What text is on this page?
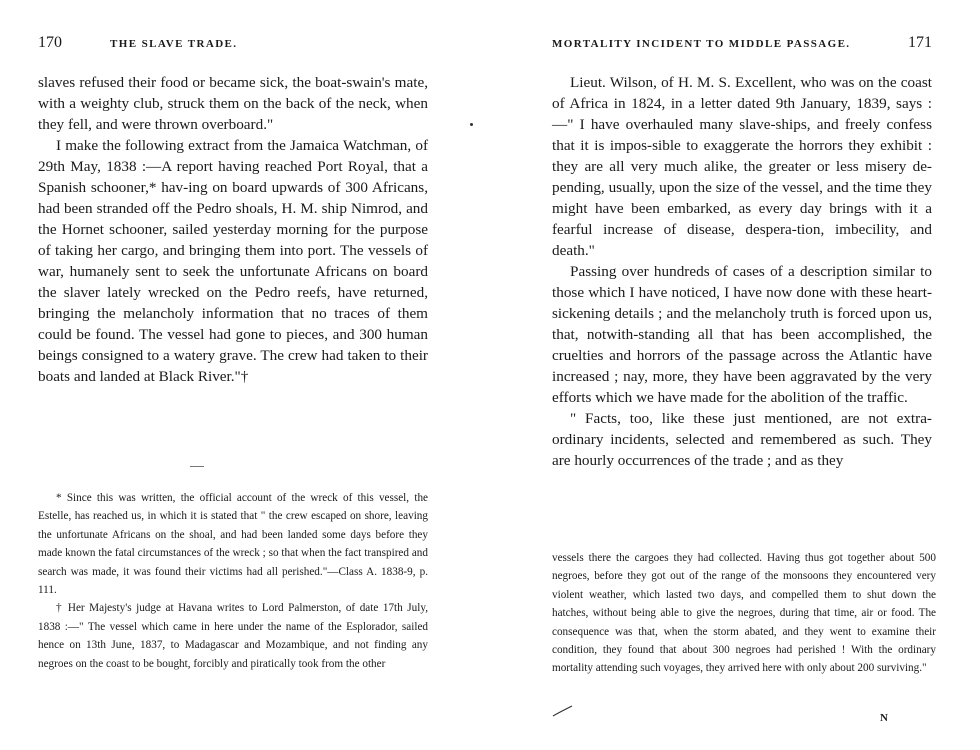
170	THE SLAVE TRADE.

slaves refused their food or became sick, the boat-swain's mate, with a weighty club, struck them on the back of the neck, when they fell, and were thrown overboard."

I make the following extract from the Jamaica Watchman, of 29th May, 1838 :—A report having reached Port Royal, that a Spanish schooner,* hav-ing on board upwards of 300 Africans, had been stranded off the Pedro shoals, H. M. ship Nimrod, and the Hornet schooner, sailed yesterday morning for the purpose of taking her cargo, and bringing them into port. The vessels of war, humanely sent to seek the unfortunate Africans on board the slaver lately wrecked on the Pedro reefs, have returned, bringing the melancholy information that no traces of them could be found. The vessel had gone to pieces, and 300 human beings consigned to a watery grave. The crew had taken to their boats and landed at Black River."†

* Since this was written, the official account of the wreck of this vessel, the Estelle, has reached us, in which it is stated that " the crew escaped on shore, leaving the unfortunate Africans on the shoal, and had been landed some days before they made known the fatal circumstances of the wreck ; so that when the fact transpired and search was made, it was found their victims had all perished."—Class A. 1838-9, p. 111.

† Her Majesty's judge at Havana writes to Lord Palmerston, of date 17th July, 1838 :—" The vessel which came in here under the name of the Esplorador, sailed hence on 13th June, 1837, to Madagascar and Mozambique, and not finding any negroes on the coast to be bought, forcibly and piratically took from the other

MORTALITY INCIDENT TO MIDDLE PASSAGE.	171

Lieut. Wilson, of H. M. S. Excellent, who was on the coast of Africa in 1824, in a letter dated 9th January, 1839, says :—" I have overhauled many slave-ships, and freely confess that it is impos-sible to exaggerate the horrors they exhibit : they are all very much alike, the greater or less misery de-pending, usually, upon the size of the vessel, and the time they might have been embarked, as every day brings with it a fearful increase of disease, despera-tion, imbecility, and death."

Passing over hundreds of cases of a description similar to those which I have noticed, I have now done with these heart-sickening details ; and the melancholy truth is forced upon us, that, notwith-standing all that has been accomplished, the cruelties and horrors of the passage across the Atlantic have increased ; nay, more, they have been aggravated by the very efforts which we have made for the abolition of the traffic.

" Facts, too, like these just mentioned, are not extra-ordinary incidents, selected and remembered as such. They are hourly occurrences of the trade ; and as they

vessels there the cargoes they had collected. Having thus got together about 500 negroes, before they got out of the range of the monsoons they encountered very violent weather, which lasted two days, and compelled them to shut down the hatches, without being able to give the negroes, during that time, air or food. The consequence was that, when the storm abated, and they went to examine their condition, they found that about 300 negroes had perished ! With the ordinary mortality attending such voyages, they arrived here with only about 200 surviving."

N
